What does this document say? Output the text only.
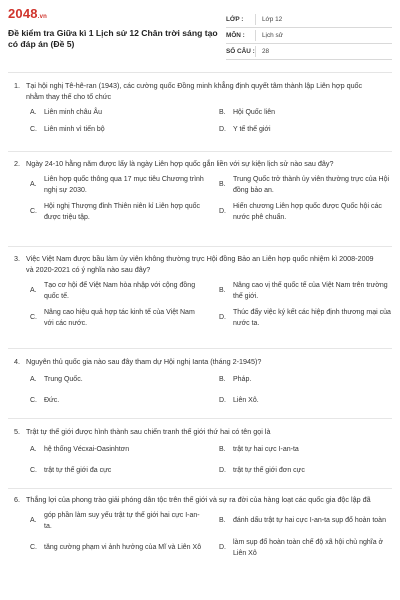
2048.vn
Đề kiểm tra Giữa kì 1 Lịch sử 12 Chân trời sáng tạo có đáp án (Đề 5)
LỚP :	Lớp 12
MÔN :	Lịch sử
SỐ CÂU : 28
1. Tại hội nghị Tê-hê-ran (1943), các cường quốc Đồng minh khẳng định quyết tâm thành lập Liên hợp quốc nhằm thay thế cho tổ chức
A.	Liên minh châu Âu	B.	Hội Quốc liên
C.	Liên minh vì tiến bộ	D.	Y tế thế giới
2. Ngày 24-10 hằng năm được lấy là ngày Liên hợp quốc gắn liền với sự kiện lịch sử nào sau đây?
A.
Liên hợp quốc thông qua 17 mục tiêu Chương trình nghị sự 2030.
B.
Trung Quốc trở thành ủy viên thường trực của Hội đồng bảo an.
C.
Hội nghị Thượng đỉnh Thiên niên kỉ Liên hợp quốc được triệu tập.
D.
Hiến chương Liên hợp quốc được Quốc hội các nước phê chuẩn.
3. Việc Việt Nam được bầu làm ủy viên không thường trực Hội đồng Bảo an Liên hợp quốc nhiệm kì 2008-2009 và 2020-2021 có ý nghĩa nào sau đây?
A.
Tạo cơ hội để Việt Nam hòa nhập với cộng đồng quốc tế.
B.
Nâng cao vị thế quốc tế của Việt Nam trên trường thế giới.
C.
Nâng cao hiệu quả hợp tác kinh tế của Việt Nam với các nước.
D.
Thúc đẩy việc ký kết các hiệp định thương mại của nước ta.
4. Nguyên thủ quốc gia nào sau đây tham dự Hội nghị Ianta (tháng 2-1945)?
A.	Trung Quốc.	B.	Pháp.
C.	Đức.	D.	Liên Xô.
5. Trật tự thế giới được hình thành sau chiến tranh thế giới thứ hai có tên gọi là
A.	hệ thống Vécxai-Oasinhtơn	B.	trật tự hai cực I-an-ta
C.	trật tự thế giới đa cực	D.	trật tự thế giới đơn cực
6. Thắng lợi của phong trào giải phóng dân tộc trên thế giới và sự ra đời của hàng loạt các quốc gia độc lập đã
A.
góp phần làm suy yếu trật tự thế giới hai cực I-an-ta.
B.	đánh dấu trật tự hai cực I-an-ta sụp đổ hoàn toàn
C.	tăng cường phạm vi ảnh hưởng của Mĩ và Liên Xô	D.
làm sụp đổ hoàn toàn chế độ xã hội chủ nghĩa ở Liên Xô
